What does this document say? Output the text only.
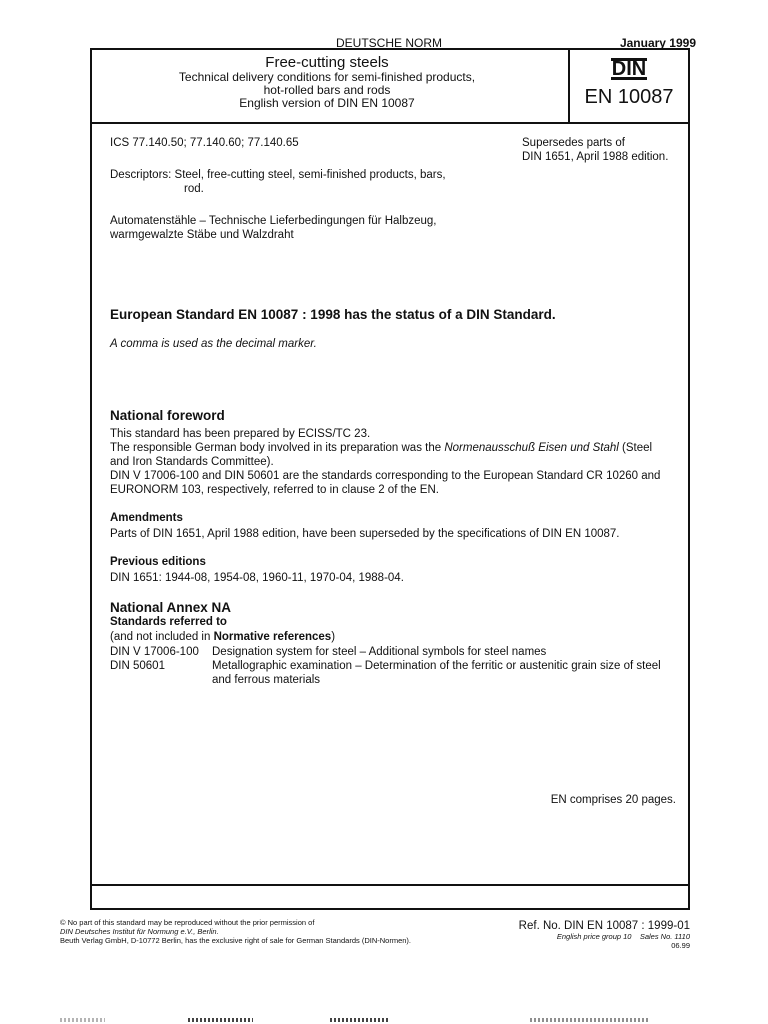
DEUTSCHE NORM	January 1999
Free-cutting steels
Technical delivery conditions for semi-finished products,
hot-rolled bars and rods
English version of DIN EN 10087
DIN
EN 10087
ICS 77.140.50; 77.140.60; 77.140.65	Supersedes parts of
DIN 1651, April 1988 edition.
Descriptors: Steel, free-cutting steel, semi-finished products, bars,
rod.
Automatenstähle – Technische Lieferbedingungen für Halbzeug,
warmgewalzte Stäbe und Walzdraht
European Standard EN 10087 : 1998 has the status of a DIN Standard.
A comma is used as the decimal marker.
National foreword
This standard has been prepared by ECISS/TC 23.
The responsible German body involved in its preparation was the Normenausschuß Eisen und Stahl (Steel
and Iron Standards Committee).
DIN V 17006-100 and DIN 50601 are the standards corresponding to the European Standard CR 10260 and
EURONORM 103, respectively, referred to in clause 2 of the EN.
Amendments
Parts of DIN 1651, April 1988 edition, have been superseded by the specifications of DIN EN 10087.
Previous editions
DIN 1651: 1944-08, 1954-08, 1960-11, 1970-04, 1988-04.
National Annex NA
Standards referred to
(and not included in Normative references)
DIN V 17006-100	Designation system for steel – Additional symbols for steel names
DIN 50601	Metallographic examination – Determination of the ferritic or austenitic grain size of steel
and ferrous materials
EN comprises 20 pages.
© No part of this standard may be reproduced without the prior permission of
DIN Deutsches Institut für Normung e.V., Berlin.
Beuth Verlag GmbH, D-10772 Berlin, has the exclusive right of sale for German Standards (DIN-Normen).
Ref. No. DIN EN 10087 : 1999-01
English price group 10 Sales No. 1110
06.99
